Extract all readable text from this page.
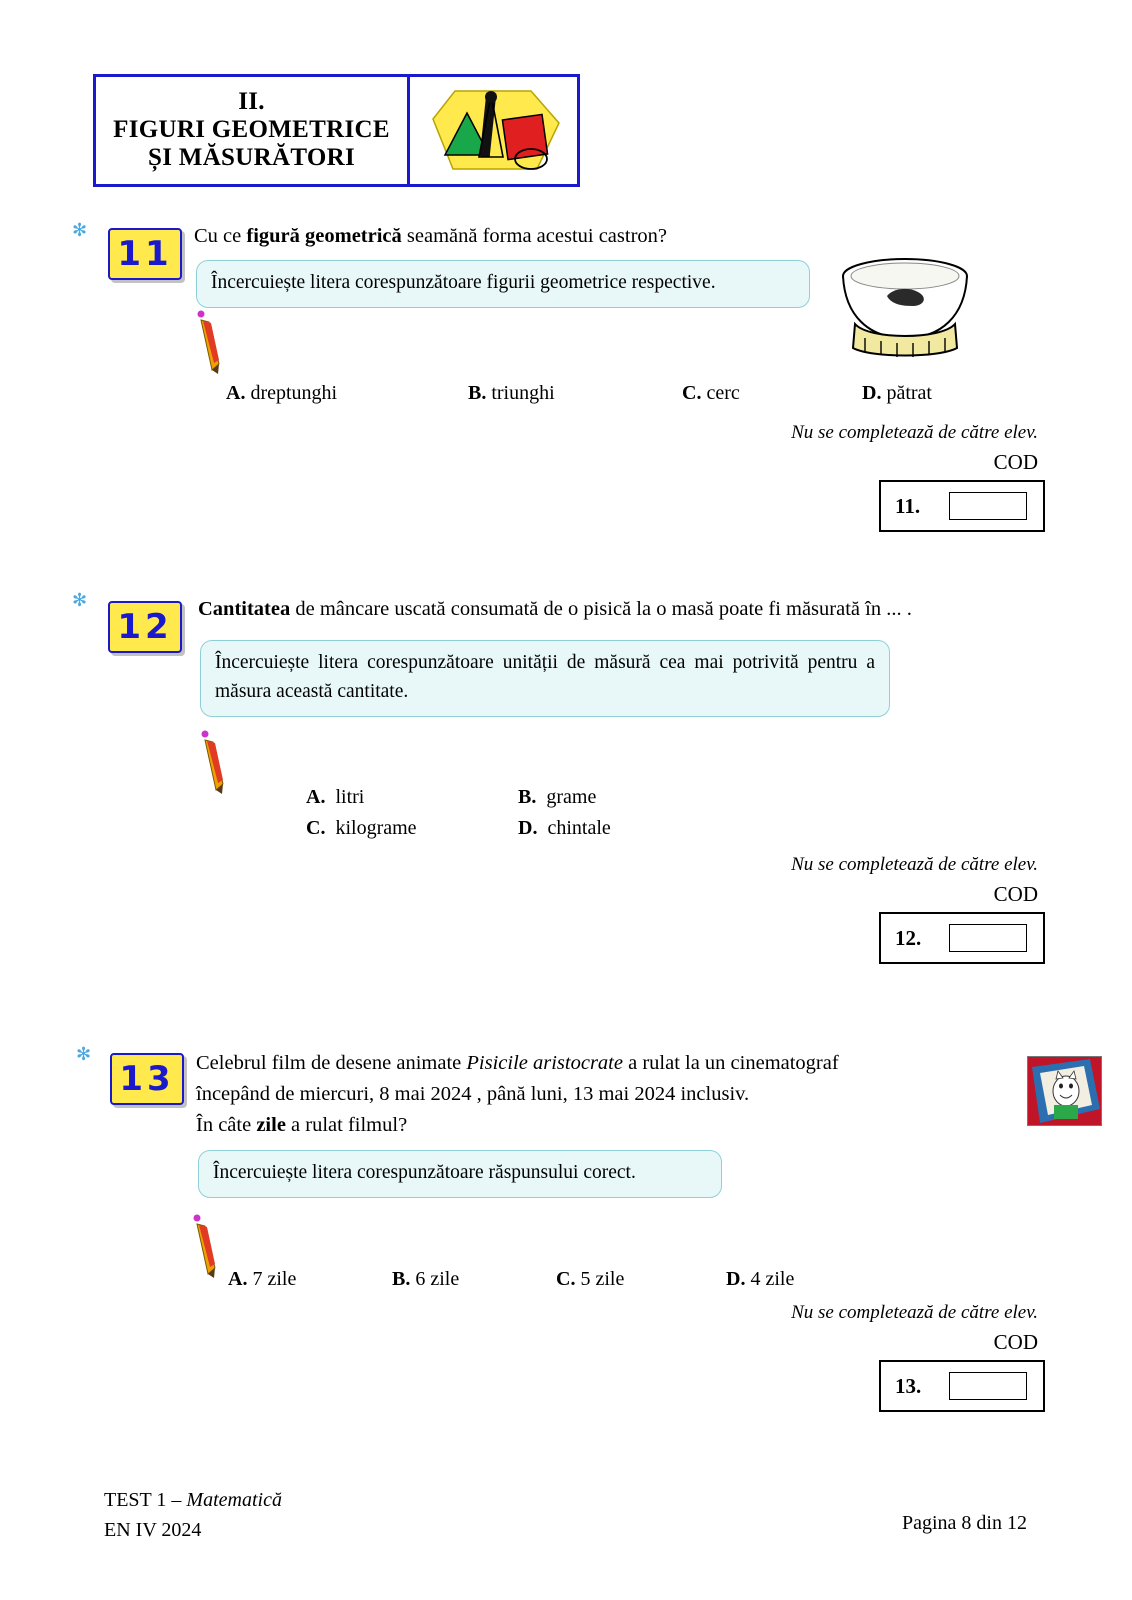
II.
FIGURI GEOMETRICE
ȘI MĂSURĂTORI
✻
11	Cu ce figură geometrică seamănă forma acestui castron?
Încercuiește litera corespunzătoare figurii geometrice respective.
A. dreptunghi	B. triunghi	C. cerc	D. pătrat
Nu se completează de către elev.
COD
11.
✻
12	Cantitatea de mâncare uscată consumată de o pisică la o masă poate fi măsurată în ... .
Încercuiește litera corespunzătoare unității de măsură cea mai potrivită pentru a măsura această cantitate.
A. litri	B. grame
C. kilograme	D. chintale
Nu se completează de către elev.
COD
12.
✻
13	Celebrul film de desene animate Pisicile aristocrate a rulat la un cinematograf
începând de miercuri, 8 mai 2024 , până luni, 13 mai 2024 inclusiv.
În câte zile a rulat filmul?
Încercuiește litera corespunzătoare răspunsului corect.
A. 7 zile	B. 6 zile	C. 5 zile	D. 4 zile
Nu se completează de către elev.
COD
13.
TEST 1 – Matematică
EN IV 2024	Pagina 8 din 12
